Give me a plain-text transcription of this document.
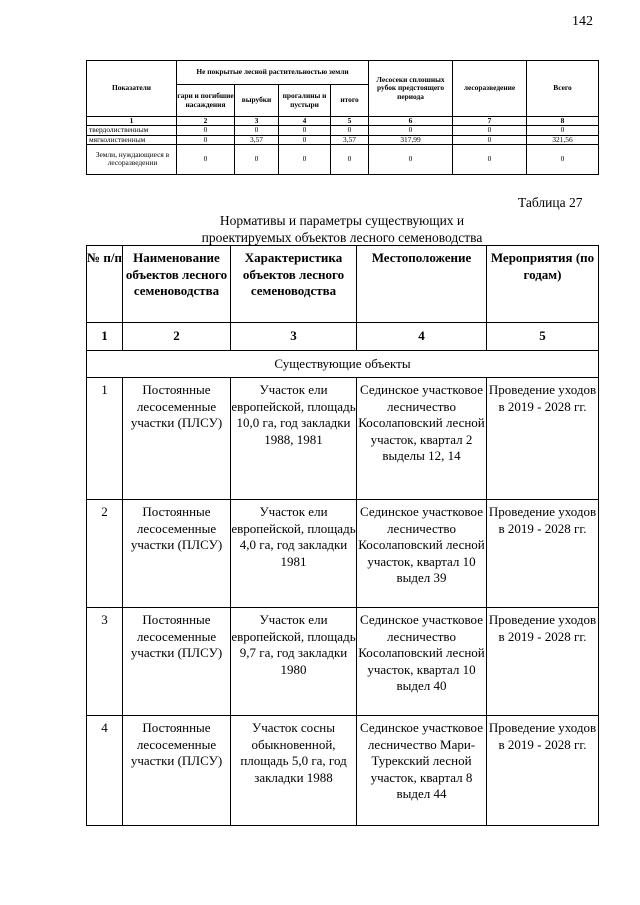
142
Показатели	Не покрытые лесной растительностью земли				Лесосеки сплошных рубок предстоящего периода	лесоразведение	Всего
	гари и погибшие насаждения	вырубки	прогалины и пустыри	итого			
1	2	3	4	5	6	7	8
твердолиственным	0	0	0	0	0	0	0
мягколиственным	0	3,57	0	3,57	317,99	0	321,56
Земли, нуждающиеся в лесоразведении	0	0	0	0	0	0	0
Таблица 27
Нормативы и параметры существующих и
проектируемых объектов лесного семеноводства
№ п/п	Наименование объектов лесного семеноводства	Характеристика объектов лесного семеноводства	Местоположение	Мероприятия (по годам)
1	2	3	4	5
Существующие объекты				
1	Постоянные лесосеменные участки (ПЛСУ)	Участок ели европейской, площадь 10,0 га, год закладки 1988, 1981	Сединское участковое лесничество Косолаповский лесной участок, квартал 2 выделы 12, 14	Проведение уходов в 2019 - 2028 гг.
2	Постоянные лесосеменные участки (ПЛСУ)	Участок ели европейской, площадь 4,0 га, год закладки 1981	Сединское участковое лесничество Косолаповский лесной участок, квартал 10 выдел 39	Проведение уходов в 2019 - 2028 гг.
3	Постоянные лесосеменные участки (ПЛСУ)	Участок ели европейской, площадь 9,7 га, год закладки 1980	Сединское участковое лесничество Косолаповский лесной участок, квартал 10 выдел 40	Проведение уходов в 2019 - 2028 гг.
4	Постоянные лесосеменные участки (ПЛСУ)	Участок сосны обыкновенной, площадь 5,0 га, год закладки 1988	Сединское участковое лесничество Мари-Турекский лесной участок, квартал 8 выдел 44	Проведение уходов в 2019 - 2028 гг.
